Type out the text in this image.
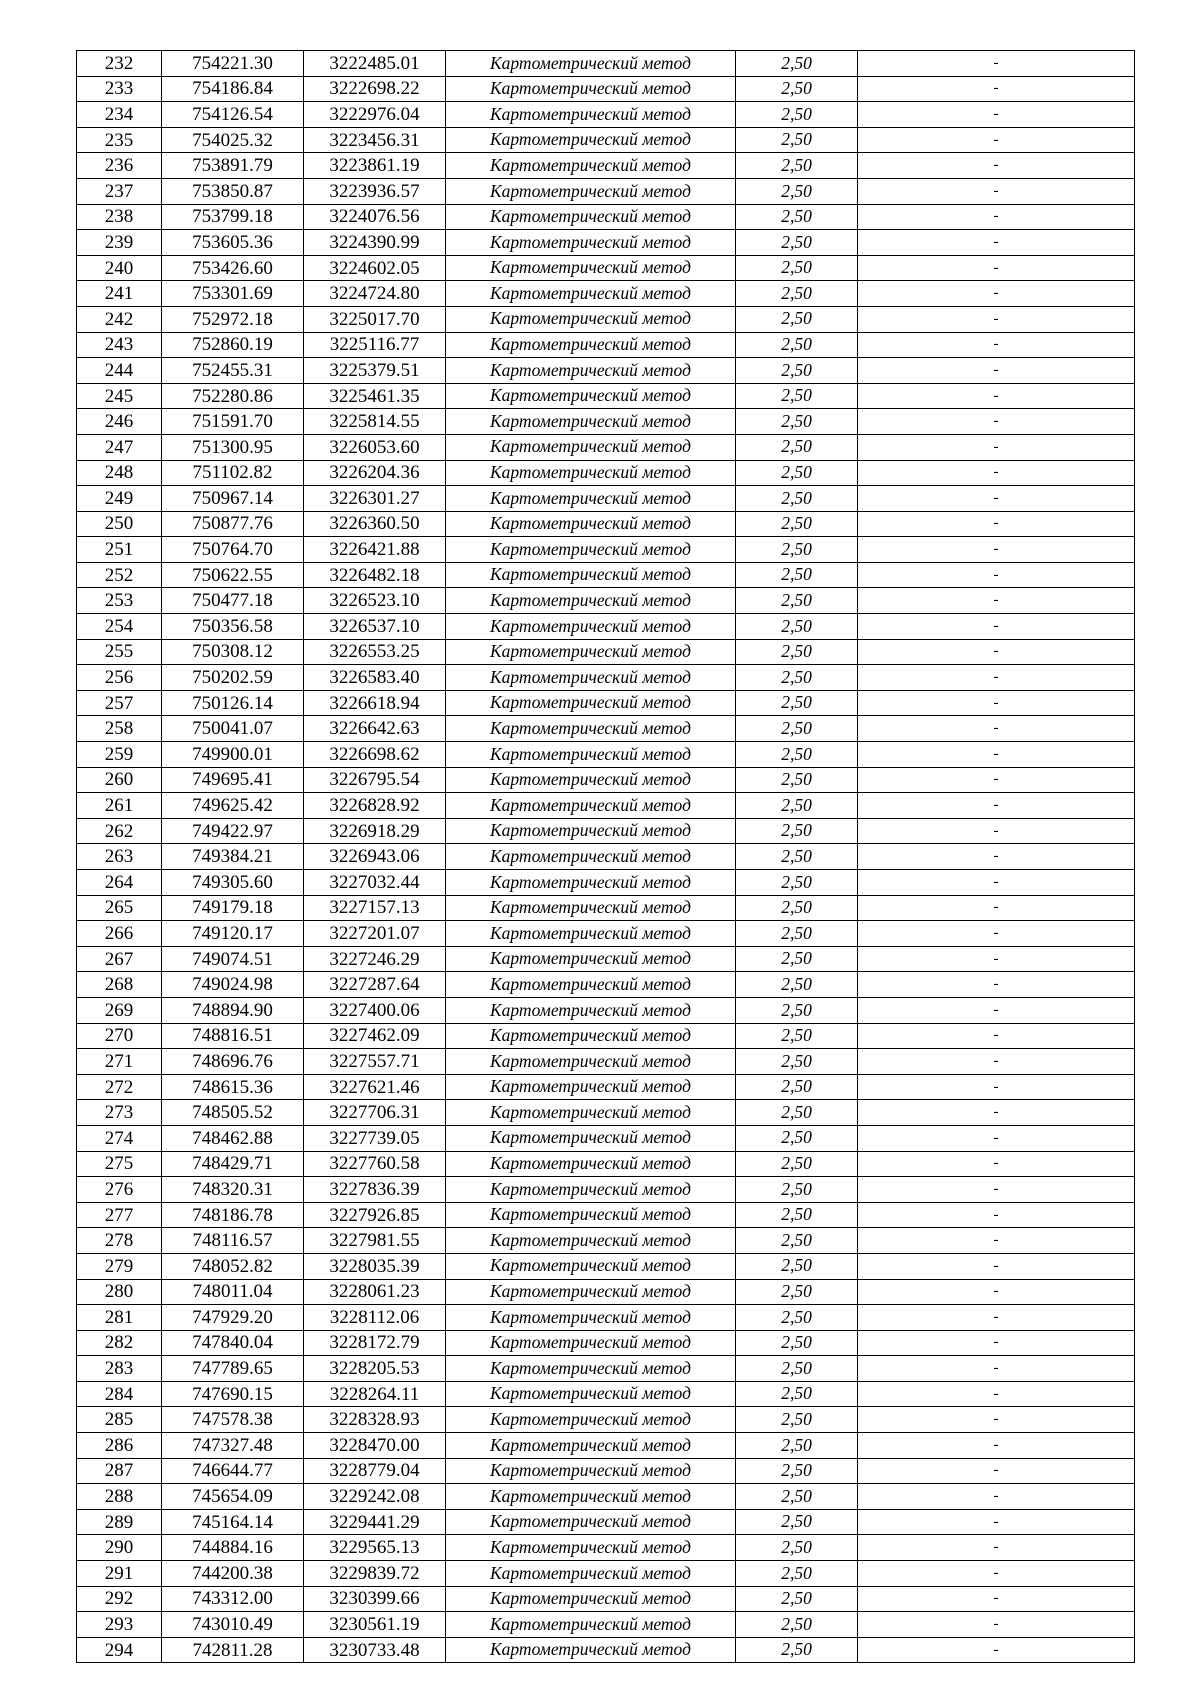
232	754221.30	3222485.01	Картометрический метод	2,50	-
233	754186.84	3222698.22	Картометрический метод	2,50	-
234	754126.54	3222976.04	Картометрический метод	2,50	-
235	754025.32	3223456.31	Картометрический метод	2,50	-
236	753891.79	3223861.19	Картометрический метод	2,50	-
237	753850.87	3223936.57	Картометрический метод	2,50	-
238	753799.18	3224076.56	Картометрический метод	2,50	-
239	753605.36	3224390.99	Картометрический метод	2,50	-
240	753426.60	3224602.05	Картометрический метод	2,50	-
241	753301.69	3224724.80	Картометрический метод	2,50	-
242	752972.18	3225017.70	Картометрический метод	2,50	-
243	752860.19	3225116.77	Картометрический метод	2,50	-
244	752455.31	3225379.51	Картометрический метод	2,50	-
245	752280.86	3225461.35	Картометрический метод	2,50	-
246	751591.70	3225814.55	Картометрический метод	2,50	-
247	751300.95	3226053.60	Картометрический метод	2,50	-
248	751102.82	3226204.36	Картометрический метод	2,50	-
249	750967.14	3226301.27	Картометрический метод	2,50	-
250	750877.76	3226360.50	Картометрический метод	2,50	-
251	750764.70	3226421.88	Картометрический метод	2,50	-
252	750622.55	3226482.18	Картометрический метод	2,50	-
253	750477.18	3226523.10	Картометрический метод	2,50	-
254	750356.58	3226537.10	Картометрический метод	2,50	-
255	750308.12	3226553.25	Картометрический метод	2,50	-
256	750202.59	3226583.40	Картометрический метод	2,50	-
257	750126.14	3226618.94	Картометрический метод	2,50	-
258	750041.07	3226642.63	Картометрический метод	2,50	-
259	749900.01	3226698.62	Картометрический метод	2,50	-
260	749695.41	3226795.54	Картометрический метод	2,50	-
261	749625.42	3226828.92	Картометрический метод	2,50	-
262	749422.97	3226918.29	Картометрический метод	2,50	-
263	749384.21	3226943.06	Картометрический метод	2,50	-
264	749305.60	3227032.44	Картометрический метод	2,50	-
265	749179.18	3227157.13	Картометрический метод	2,50	-
266	749120.17	3227201.07	Картометрический метод	2,50	-
267	749074.51	3227246.29	Картометрический метод	2,50	-
268	749024.98	3227287.64	Картометрический метод	2,50	-
269	748894.90	3227400.06	Картометрический метод	2,50	-
270	748816.51	3227462.09	Картометрический метод	2,50	-
271	748696.76	3227557.71	Картометрический метод	2,50	-
272	748615.36	3227621.46	Картометрический метод	2,50	-
273	748505.52	3227706.31	Картометрический метод	2,50	-
274	748462.88	3227739.05	Картометрический метод	2,50	-
275	748429.71	3227760.58	Картометрический метод	2,50	-
276	748320.31	3227836.39	Картометрический метод	2,50	-
277	748186.78	3227926.85	Картометрический метод	2,50	-
278	748116.57	3227981.55	Картометрический метод	2,50	-
279	748052.82	3228035.39	Картометрический метод	2,50	-
280	748011.04	3228061.23	Картометрический метод	2,50	-
281	747929.20	3228112.06	Картометрический метод	2,50	-
282	747840.04	3228172.79	Картометрический метод	2,50	-
283	747789.65	3228205.53	Картометрический метод	2,50	-
284	747690.15	3228264.11	Картометрический метод	2,50	-
285	747578.38	3228328.93	Картометрический метод	2,50	-
286	747327.48	3228470.00	Картометрический метод	2,50	-
287	746644.77	3228779.04	Картометрический метод	2,50	-
288	745654.09	3229242.08	Картометрический метод	2,50	-
289	745164.14	3229441.29	Картометрический метод	2,50	-
290	744884.16	3229565.13	Картометрический метод	2,50	-
291	744200.38	3229839.72	Картометрический метод	2,50	-
292	743312.00	3230399.66	Картометрический метод	2,50	-
293	743010.49	3230561.19	Картометрический метод	2,50	-
294	742811.28	3230733.48	Картометрический метод	2,50	-
